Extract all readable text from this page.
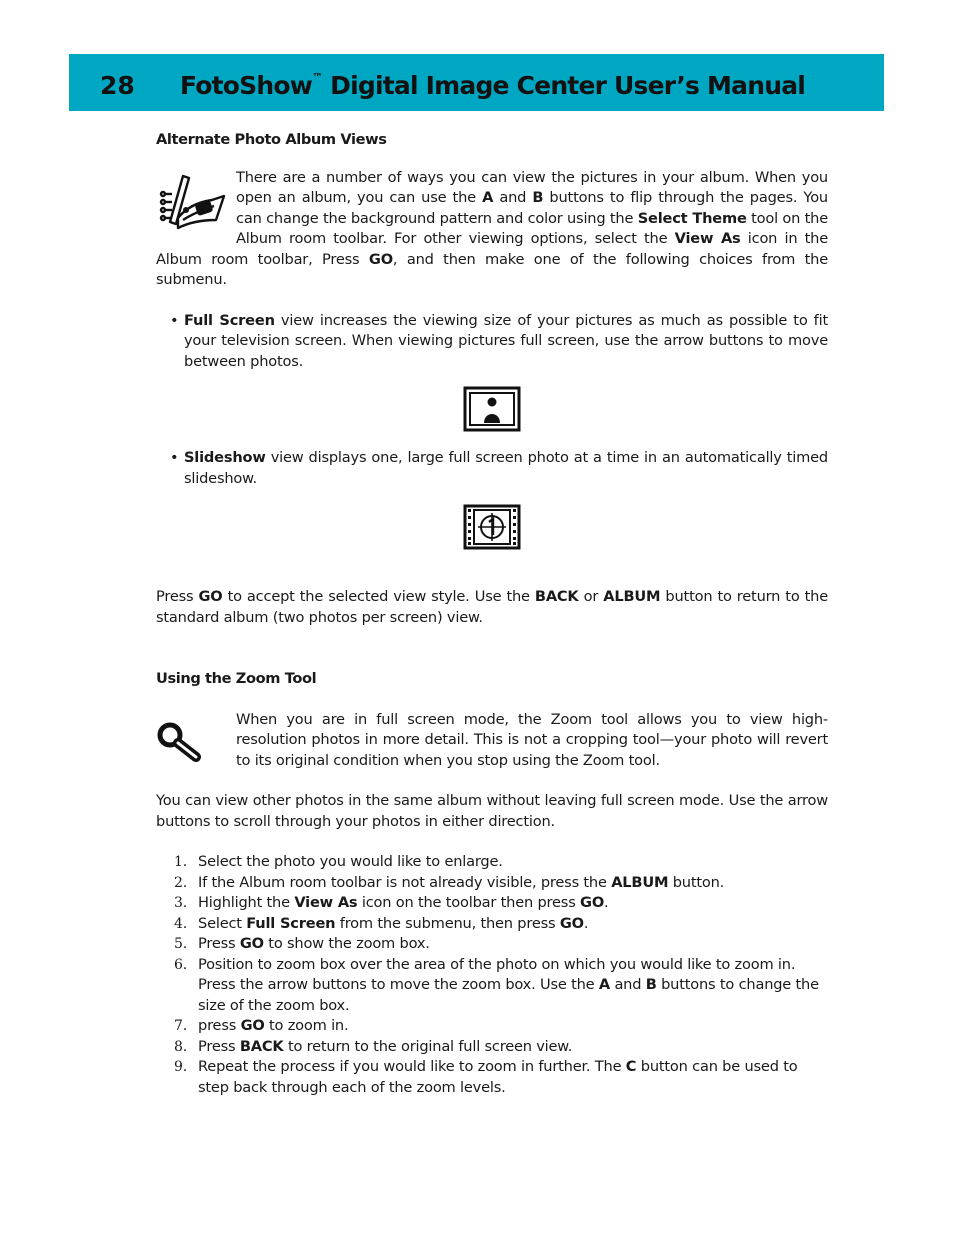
28 FotoShow™ Digital Image Center User’s Manual
Alternate Photo Album Views

There are a number of ways you can view the pictures in your album. When you open an album, you can use the A and B buttons to flip through the pages. You can change the background pattern and color using the Select Theme tool on the Album room toolbar. For other viewing options, select the View As icon in the Album room toolbar, Press GO, and then make one of the following choices from the submenu.

• Full Screen view increases the viewing size of your pictures as much as possible to fit your television screen. When viewing pictures full screen, use the arrow buttons to move between photos.
• Slideshow view displays one, large full screen photo at a time in an automatically timed slideshow.

Press GO to accept the selected view style. Use the BACK or ALBUM button to return to the standard album (two photos per screen) view.

Using the Zoom Tool

When you are in full screen mode, the Zoom tool allows you to view high-resolution photos in more detail. This is not a cropping tool—your photo will revert to its original condition when you stop using the Zoom tool.

You can view other photos in the same album without leaving full screen mode. Use the arrow buttons to scroll through your photos in either direction.

1. Select the photo you would like to enlarge.
2. If the Album room toolbar is not already visible, press the ALBUM button.
3. Highlight the View As icon on the toolbar then press GO.
4. Select Full Screen from the submenu, then press GO.
5. Press GO to show the zoom box.
6. Position to zoom box over the area of the photo on which you would like to zoom in. Press the arrow buttons to move the zoom box. Use the A and B buttons to change the size of the zoom box.
7. press GO to zoom in.
8. Press BACK to return to the original full screen view.
9. Repeat the process if you would like to zoom in further. The C button can be used to step back through each of the zoom levels.
